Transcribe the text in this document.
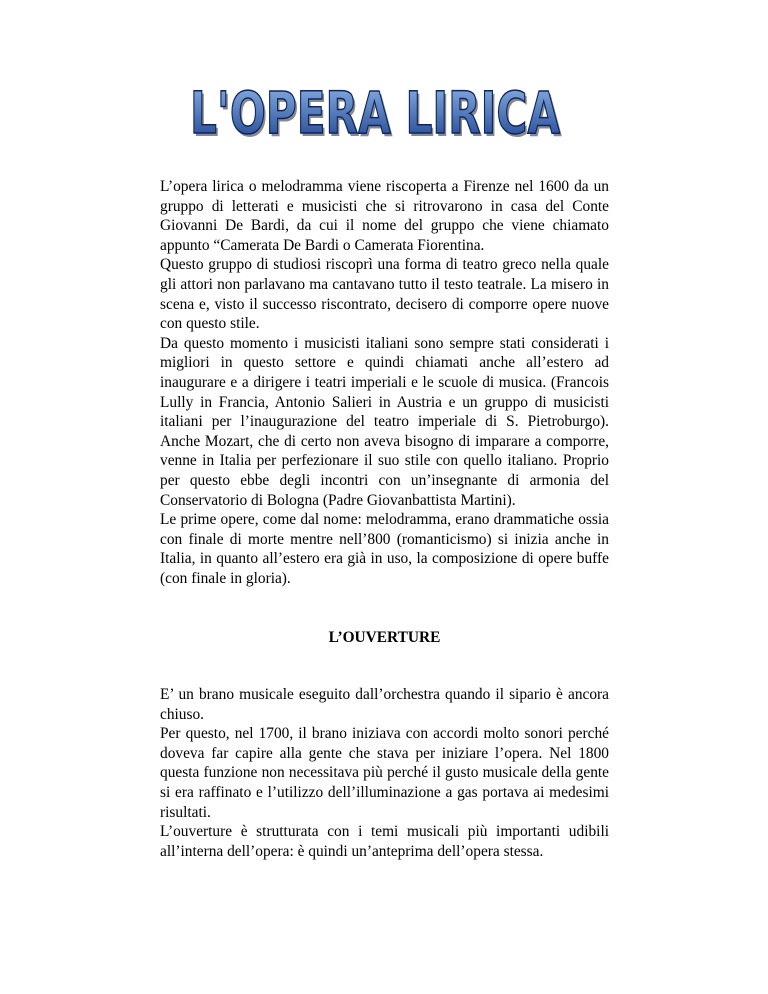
L'OPERA LIRICA
L'OPERA LIRICA

L’opera lirica o melodramma viene riscoperta a Firenze nel 1600 da un gruppo di letterati e musicisti che si ritrovarono in casa del Conte Giovanni De Bardi, da cui il nome del gruppo che viene chiamato appunto “Camerata De Bardi o Camerata Fiorentina.

Questo gruppo di studiosi riscoprì una forma di teatro greco nella quale gli attori non parlavano ma cantavano tutto il testo teatrale. La misero in scena e, visto il successo riscontrato, decisero di comporre opere nuove con questo stile.

Da questo momento i musicisti italiani sono sempre stati considerati i migliori in questo settore e quindi chiamati anche all’estero ad inaugurare e a dirigere i teatri imperiali e le scuole di musica. (Francois Lully in Francia, Antonio Salieri in Austria e un gruppo di musicisti italiani per l’inaugurazione del teatro imperiale di S. Pietroburgo). Anche Mozart, che di certo non aveva bisogno di imparare a comporre, venne in Italia per perfezionare il suo stile con quello italiano. Proprio per questo ebbe degli incontri con un’insegnante di armonia del Conservatorio di Bologna (Padre Giovanbattista Martini).

Le prime opere, come dal nome: melodramma, erano drammatiche ossia con finale di morte mentre nell’800 (romanticismo) si inizia anche in Italia, in quanto all’estero era già in uso, la composizione di opere buffe (con finale in gloria).

L’OUVERTURE

E’ un brano musicale eseguito dall’orchestra quando il sipario è ancora chiuso.

Per questo, nel 1700, il brano iniziava con accordi molto sonori perché doveva far capire alla gente che stava per iniziare l’opera. Nel 1800 questa funzione non necessitava più perché il gusto musicale della gente si era raffinato e l’utilizzo dell’illuminazione a gas portava ai medesimi risultati.

L’ouverture è strutturata con i temi musicali più importanti udibili all’interna dell’opera: è quindi un’anteprima dell’opera stessa.
